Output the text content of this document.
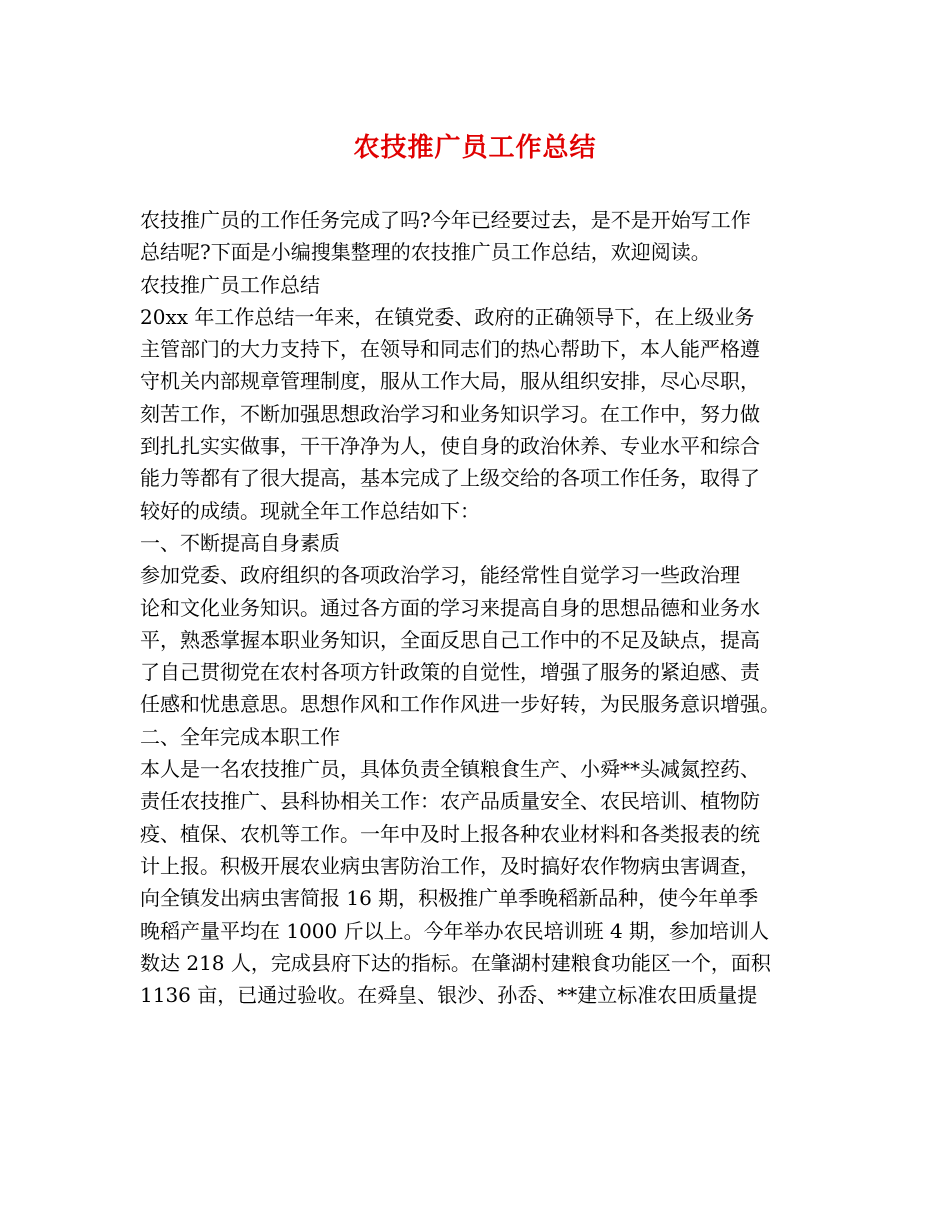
农技推广员工作总结
农技推广员的工作任务完成了吗?今年已经要过去，是不是开始写工作
总结呢?下面是小编搜集整理的农技推广员工作总结，欢迎阅读。
农技推广员工作总结
20xx 年工作总结一年来，在镇党委、政府的正确领导下，在上级业务
主管部门的大力支持下，在领导和同志们的热心帮助下，本人能严格遵
守机关内部规章管理制度，服从工作大局，服从组织安排，尽心尽职，
刻苦工作，不断加强思想政治学习和业务知识学习。在工作中，努力做
到扎扎实实做事，干干净净为人，使自身的政治休养、专业水平和综合
能力等都有了很大提高，基本完成了上级交给的各项工作任务，取得了
较好的成绩。现就全年工作总结如下：
一、不断提高自身素质
参加党委、政府组织的各项政治学习，能经常性自觉学习一些政治理
论和文化业务知识。通过各方面的学习来提高自身的思想品德和业务水
平，熟悉掌握本职业务知识，全面反思自己工作中的不足及缺点，提高
了自己贯彻党在农村各项方针政策的自觉性，增强了服务的紧迫感、责
任感和忧患意思。思想作风和工作作风进一步好转，为民服务意识增强。
二、全年完成本职工作
本人是一名农技推广员，具体负责全镇粮食生产、小舜**头减氮控药、
责任农技推广、县科协相关工作：农产品质量安全、农民培训、植物防
疫、植保、农机等工作。一年中及时上报各种农业材料和各类报表的统
计上报。积极开展农业病虫害防治工作，及时搞好农作物病虫害调查，
向全镇发出病虫害简报 16 期，积极推广单季晚稻新品种，使今年单季
晚稻产量平均在 1000 斤以上。今年举办农民培训班 4 期，参加培训人
数达 218 人，完成县府下达的指标。在肇湖村建粮食功能区一个，面积
1136 亩，已通过验收。在舜皇、银沙、孙岙、**建立标准农田质量提
